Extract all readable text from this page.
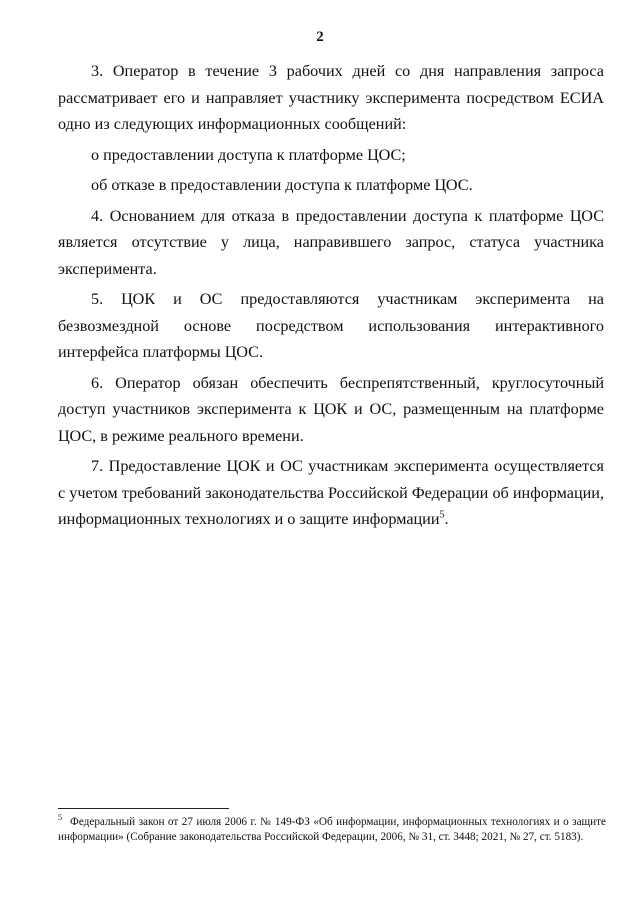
2

3. Оператор в течение 3 рабочих дней со дня направления запроса рассматривает его и направляет участнику эксперимента посредством ЕСИА одно из следующих информационных сообщений:

о предоставлении доступа к платформе ЦОС;

об отказе в предоставлении доступа к платформе ЦОС.

4. Основанием для отказа в предоставлении доступа к платформе ЦОС является отсутствие у лица, направившего запрос, статуса участника эксперимента.

5. ЦОК и ОС предоставляются участникам эксперимента на безвозмездной основе посредством использования интерактивного интерфейса платформы ЦОС.

6. Оператор обязан обеспечить беспрепятственный, круглосуточный доступ участников эксперимента к ЦОК и ОС, размещенным на платформе ЦОС, в режиме реального времени.

7. Предоставление ЦОК и ОС участникам эксперимента осуществляется с учетом требований законодательства Российской Федерации об информации, информационных технологиях и о защите информации$^5$.

$^5$ Федеральный закон от 27 июля 2006 г. № 149-ФЗ «Об информации, информационных технологиях и о защите информации» (Собрание законодательства Российской Федерации, 2006, № 31, ст. 3448; 2021, № 27, ст. 5183).
